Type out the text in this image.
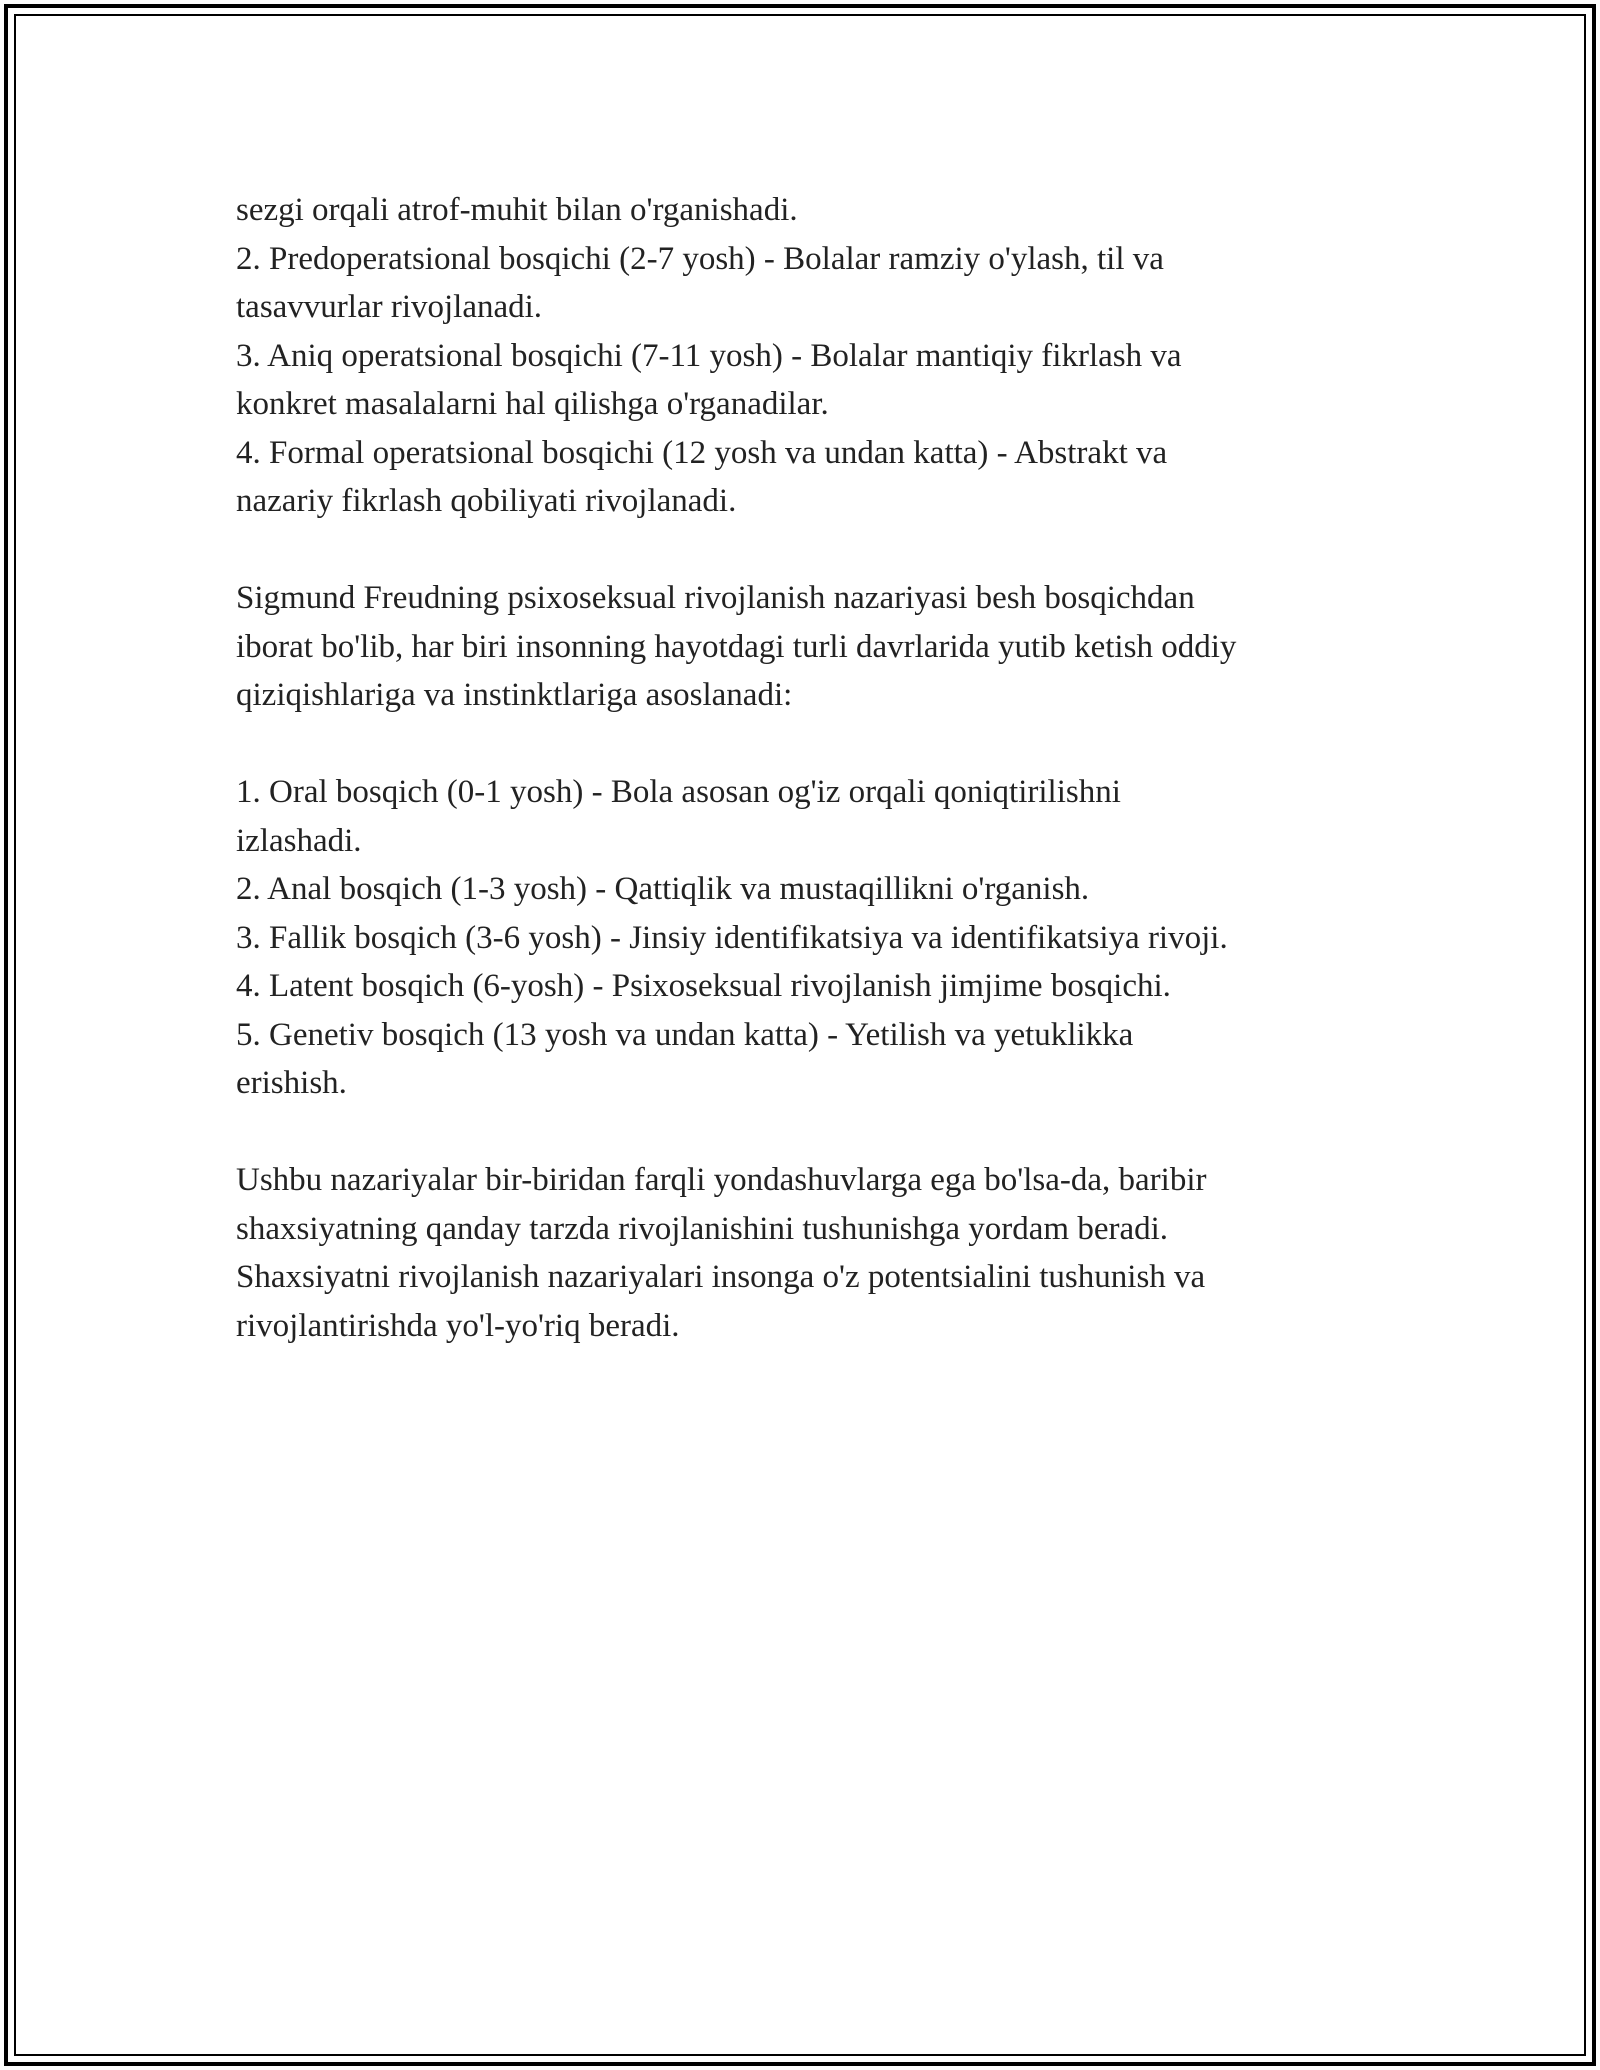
sezgi orqali atrof-muhit bilan o'rganishadi.
2. Predoperatsional bosqichi (2-7 yosh) - Bolalar ramziy o'ylash, til va
tasavvurlar rivojlanadi.
3. Aniq operatsional bosqichi (7-11 yosh) - Bolalar mantiqiy fikrlash va
konkret masalalarni hal qilishga o'rganadilar.
4. Formal operatsional bosqichi (12 yosh va undan katta) - Abstrakt va
nazariy fikrlash qobiliyati rivojlanadi.
Sigmund Freudning psixoseksual rivojlanish nazariyasi besh bosqichdan
iborat bo'lib, har biri insonning hayotdagi turli davrlarida yutib ketish oddiy
qiziqishlariga va instinktlariga asoslanadi:
1. Oral bosqich (0-1 yosh) - Bola asosan og'iz orqali qoniqtirilishni
izlashadi.
2. Anal bosqich (1-3 yosh) - Qattiqlik va mustaqillikni o'rganish.
3. Fallik bosqich (3-6 yosh) - Jinsiy identifikatsiya va identifikatsiya rivoji.
4. Latent bosqich (6-yosh) - Psixoseksual rivojlanish jimjime bosqichi.
5. Genetiv bosqich (13 yosh va undan katta) - Yetilish va yetuklikka
erishish.
Ushbu nazariyalar bir-biridan farqli yondashuvlarga ega bo'lsa-da, baribir
shaxsiyatning qanday tarzda rivojlanishini tushunishga yordam beradi.
Shaxsiyatni rivojlanish nazariyalari insonga o'z potentsialini tushunish va
rivojlantirishda yo'l-yo'riq beradi.
